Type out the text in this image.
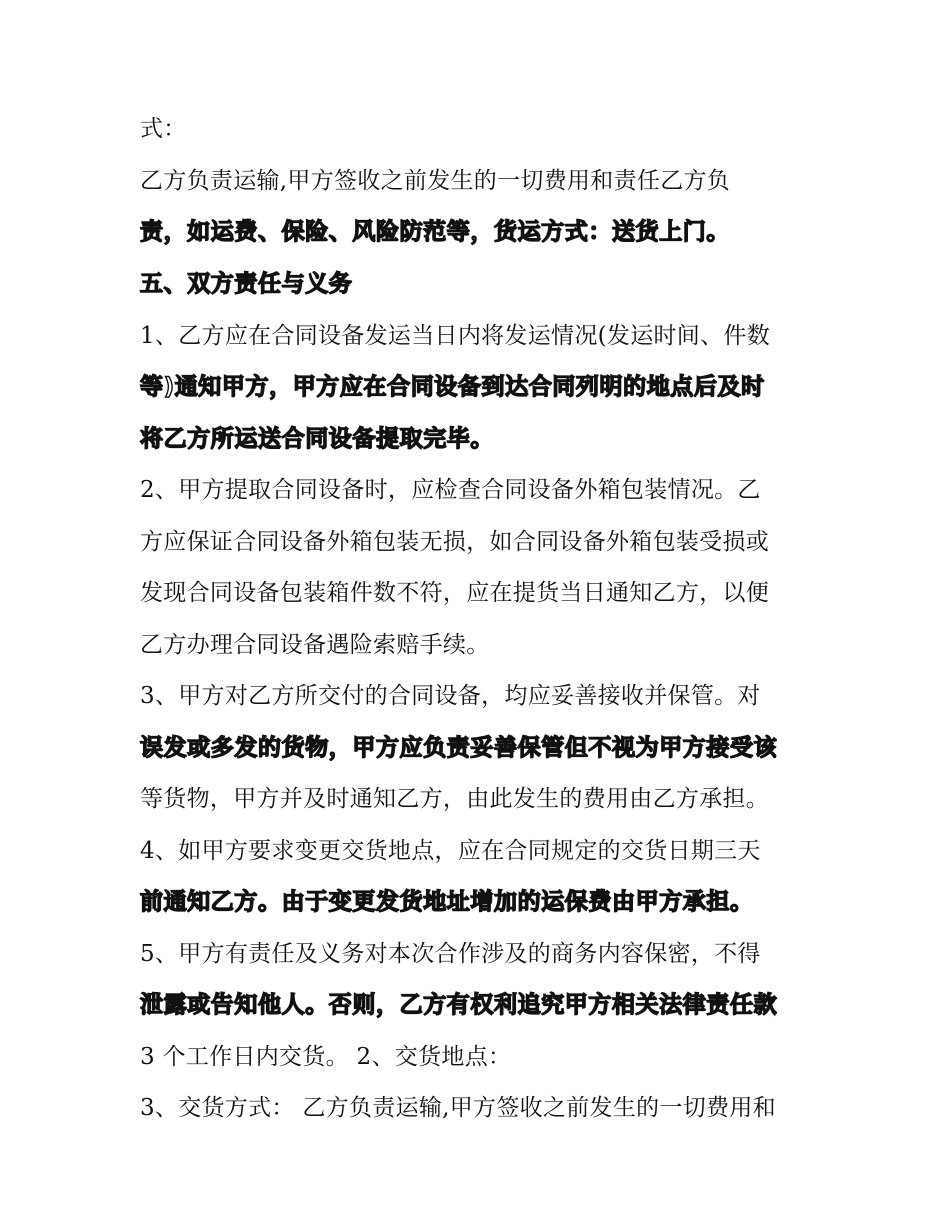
式：
乙方负责运输,甲方签收之前发生的一切费用和责任乙方负
责，如运费、保险、风险防范等，货运方式：送货上门。
五、双方责任与义务
1、乙方应在合同设备发运当日内将发运情况(发运时间、件数
等)通知甲方，甲方应在合同设备到达合同列明的地点后及时
将乙方所运送合同设备提取完毕。
2、甲方提取合同设备时，应检查合同设备外箱包装情况。乙
方应保证合同设备外箱包装无损，如合同设备外箱包装受损或
发现合同设备包装箱件数不符，应在提货当日通知乙方，以便
乙方办理合同设备遇险索赔手续。
3、甲方对乙方所交付的合同设备，均应妥善接收并保管。对
误发或多发的货物，甲方应负责妥善保管但不视为甲方接受该
等货物，甲方并及时通知乙方，由此发生的费用由乙方承担。
4、如甲方要求变更交货地点，应在合同规定的交货日期三天
前通知乙方。由于变更发货地址增加的运保费由甲方承担。
5、甲方有责任及义务对本次合作涉及的商务内容保密，不得
泄露或告知他人。否则，乙方有权利追究甲方相关法律责任款
3 个工作日内交货。 2、交货地点：
3、交货方式： 乙方负责运输,甲方签收之前发生的一切费用和
